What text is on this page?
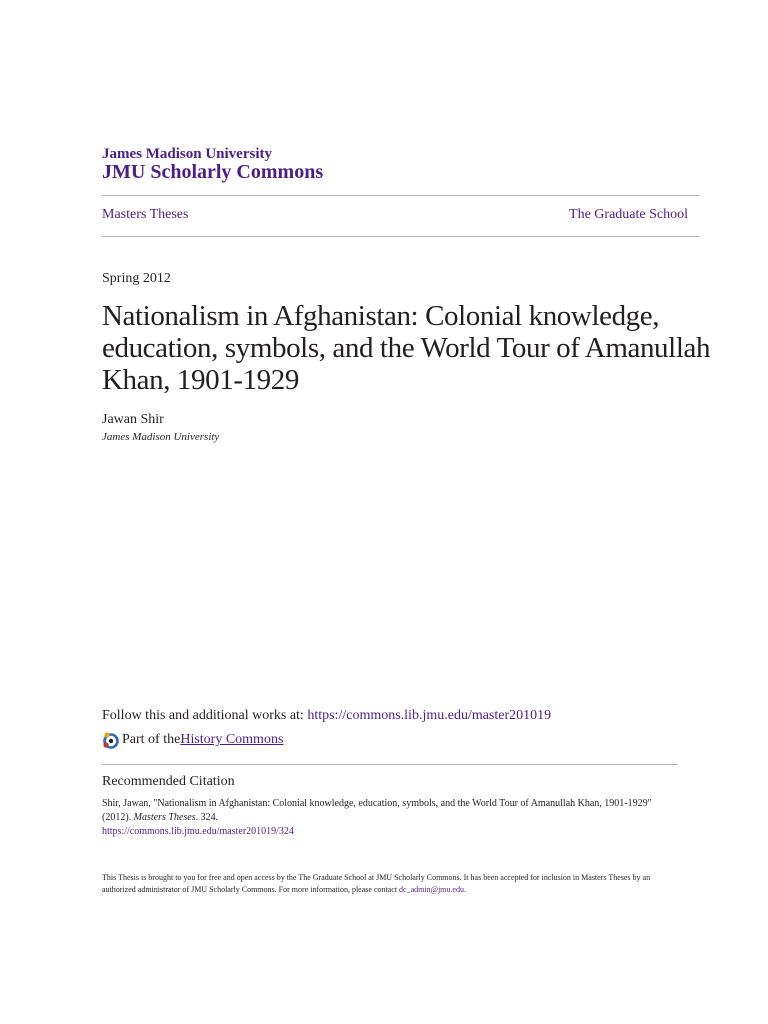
James Madison University
JMU Scholarly Commons
Masters Theses	The Graduate School
Spring 2012
Nationalism in Afghanistan: Colonial knowledge, education, symbols, and the World Tour of Amanullah Khan, 1901-1929
Jawan Shir
James Madison University
Follow this and additional works at: https://commons.lib.jmu.edu/master201019
Part of the History Commons
Recommended Citation
Shir, Jawan, "Nationalism in Afghanistan: Colonial knowledge, education, symbols, and the World Tour of Amanullah Khan, 1901-1929" (2012). Masters Theses. 324.
https://commons.lib.jmu.edu/master201019/324
This Thesis is brought to you for free and open access by the The Graduate School at JMU Scholarly Commons. It has been accepted for inclusion in Masters Theses by an authorized administrator of JMU Scholarly Commons. For more information, please contact dc_admin@jmu.edu.
